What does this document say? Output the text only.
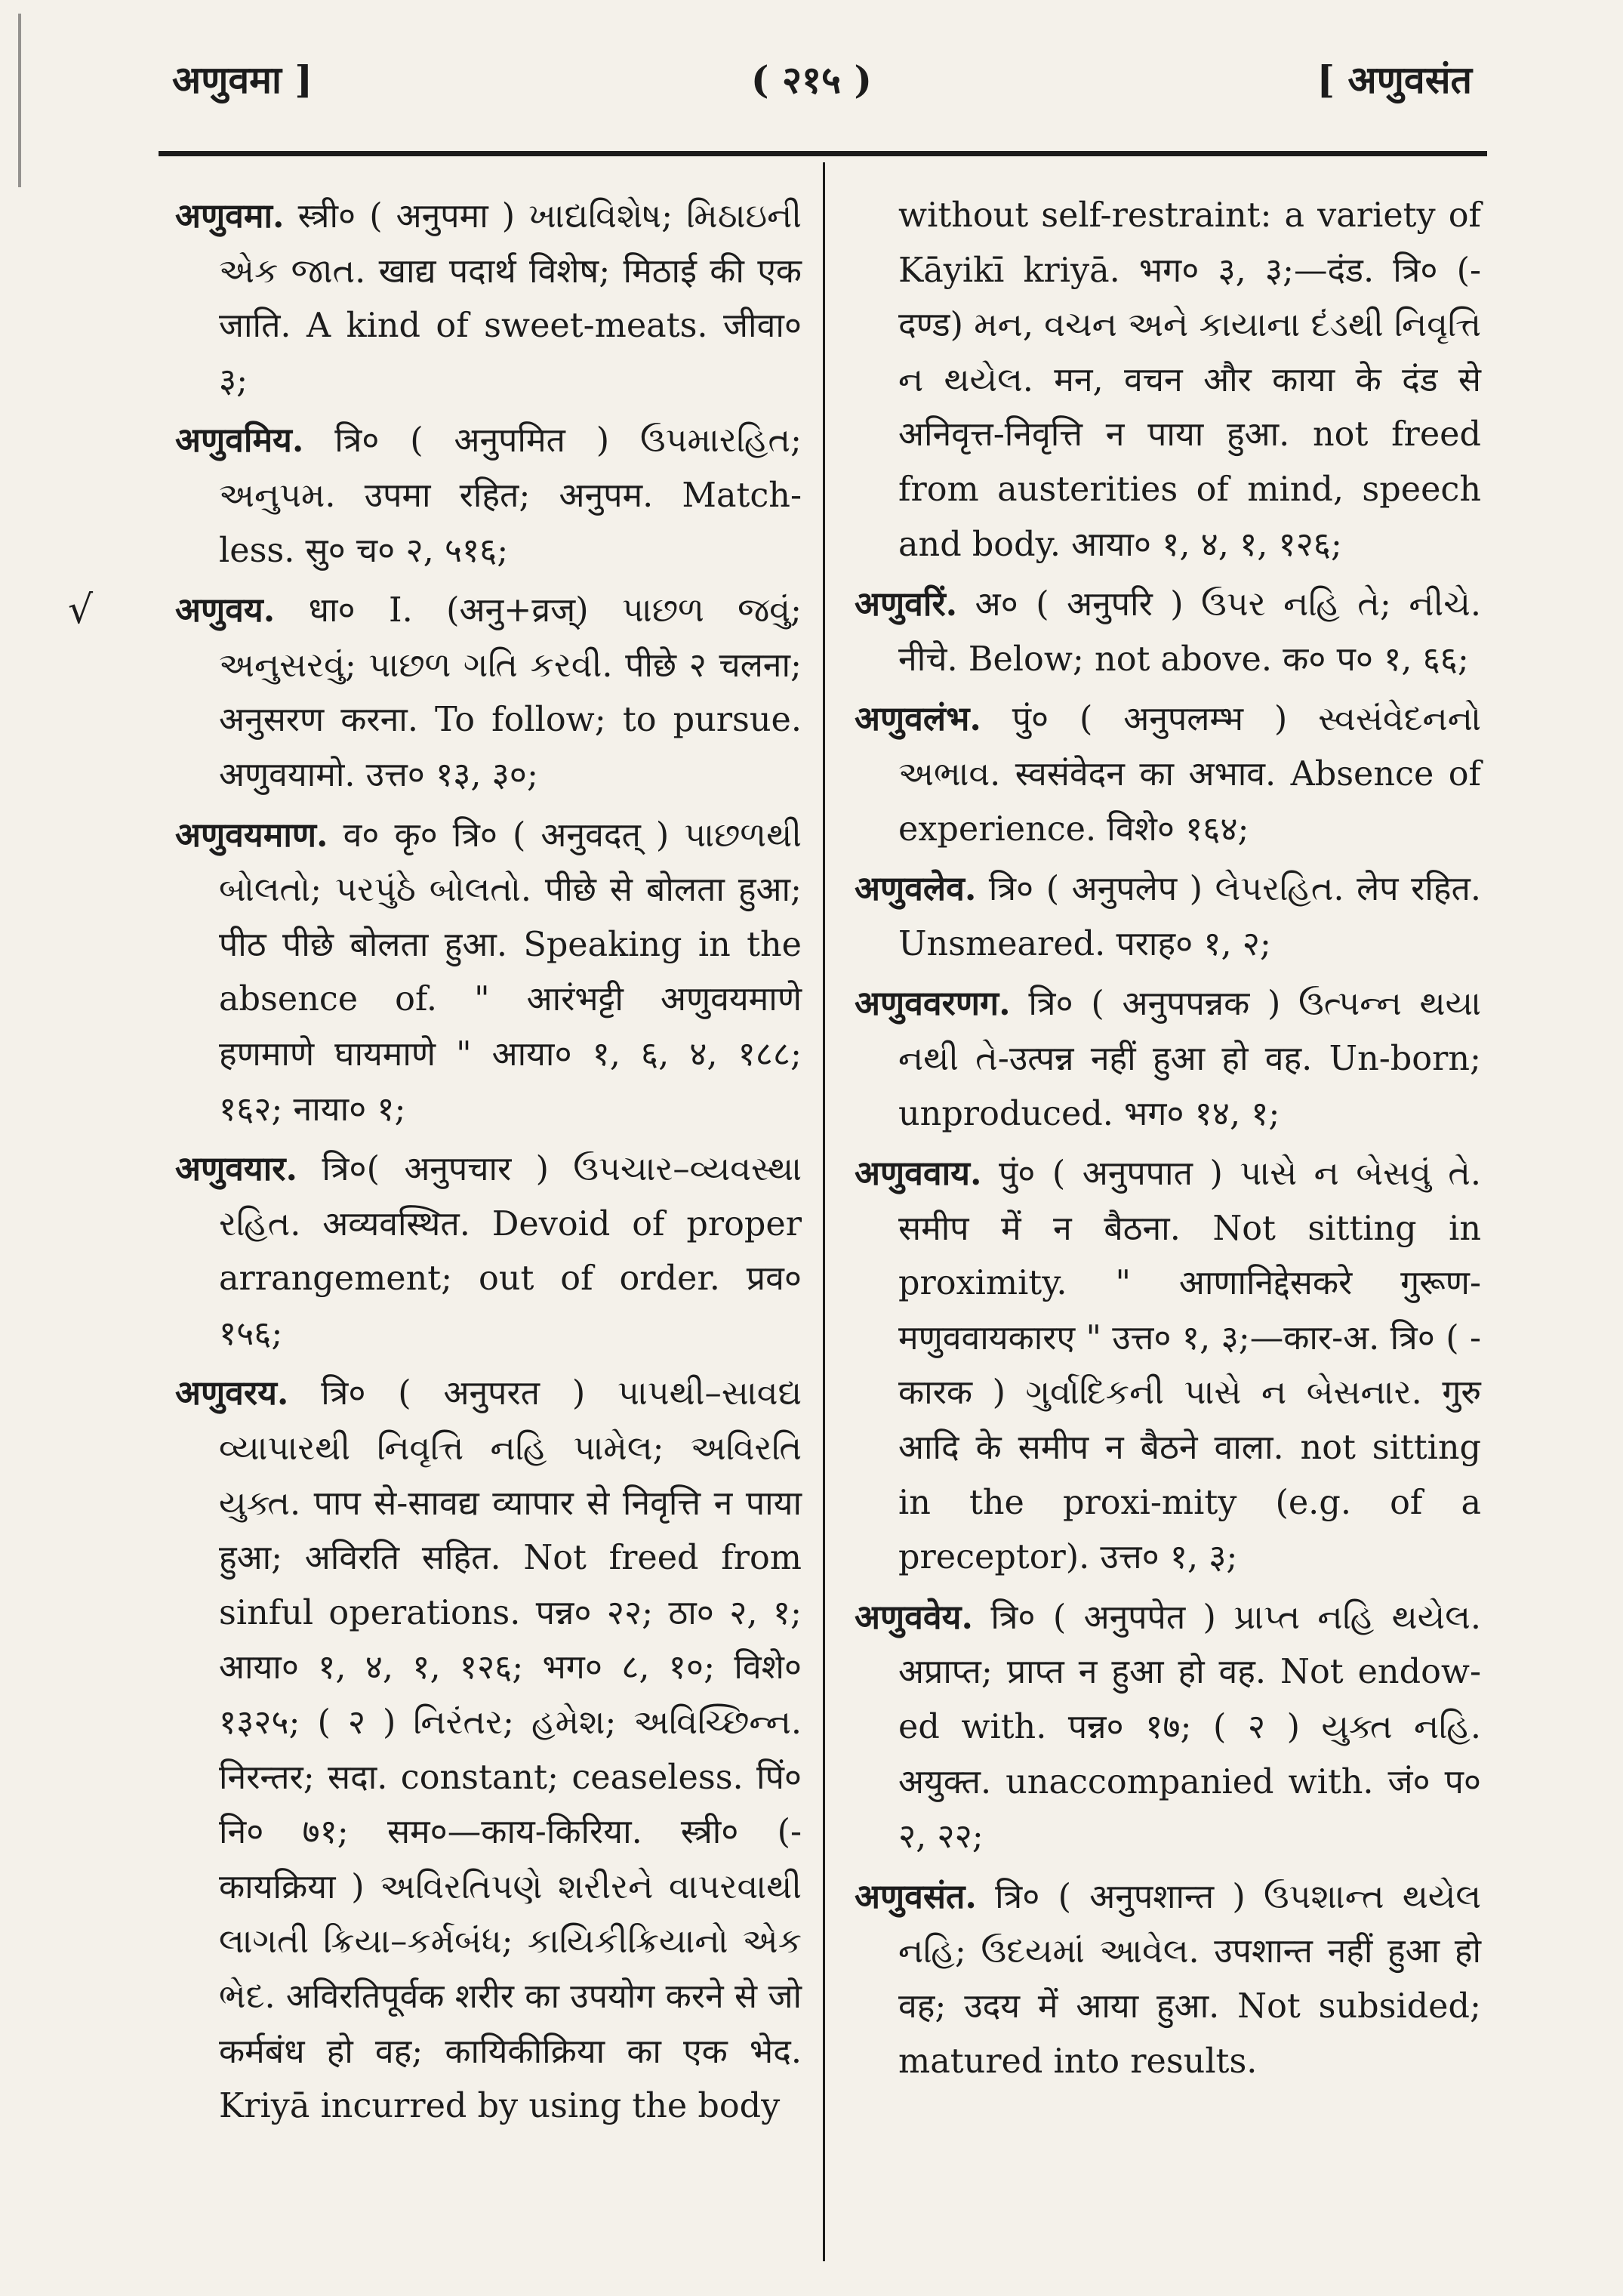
अणुवमा ]	( २१५ )	[ अणुवसंत

अणुवमा. स्त्री० ( अनुपमा ) ખાદ્યવિશેષ; મિઠાઇની એક જાત. खाद्य पदार्थ विशेष; मिठाई की एक जाति. A kind of sweet-meats. जीवा० ३;

अणुवमिय. त्रि० ( अनुपमित ) ઉપમારહિત; અનુપમ. उपमा रहित; अनुपम. Match-less. सु० च० २, ५१६;

√	अणुवय. धा० I. (अनु+व्रज्) પાછળ જવું; અનુસરવું; પાછળ ગતિ કરવી. पीछे २ चलना; अनुसरण करना. To follow; to pursue. अणुवयामो. उत्त० १३, ३०;

अणुवयमाण. व० कृ० त्रि० ( अनुवदत् ) પાછળથી બોલતો; પરપુંઠે બોલતો. पीछे से बोलता हुआ; पीठ पीछे बोलता हुआ. Speaking in the absence of. " आरंभट्टी अणुवयमाणे हणमाणे घायमाणे " आया० १, ६, ४, १८८; १६२; नाया० १;

अणुवयार. त्रि०( अनुपचार ) ઉપચાર–વ્યવસ્થા રહિત. अव्यवस्थित. Devoid of proper arrangement; out of order. प्रव० १५६;

अणुवरय. त्रि० ( अनुपरत ) પાપથી–સાવદ્ય વ્યાપારથી નિવૃત્તિ નહિ પામેલ; અવિરતિ યુક્ત. पाप से-सावद्य व्यापार से निवृत्ति न पाया हुआ; अविरति सहित. Not freed from sinful operations. पन्न० २२; ठा० २, १; आया० १, ४, १, १२६; भग० ८, १०; विशे० १३२५; ( २ ) નિરંતર; હમેશ; અવિચ્છિન્ન. निरन्तर; सदा. constant; ceaseless. पिं० नि० ७१; सम०—काय-किरिया. स्त्री० (-कायक्रिया ) અવિરતિપણે શરીરને વાપરવાથી લાગતી ક્રિયા–કર્મબંધ; કાયિકીક્રિયાનો એક ભેદ. अविरतिपूर्वक शरीर का उपयोग करने से जो कर्मबंध हो वह; कायिकीक्रिया का एक भेद. Kriyā incurred by using the body

without self-restraint: a variety of Kāyikī kriyā. भग० ३, ३;—दंड. त्रि० (-दण्ड) મન, વચન અને કાયાના દંડથી નિવૃત્તિ ન થયેલ. मन, वचन और काया के दंड से अनिवृत्त-निवृत्ति न पाया हुआ. not freed from austerities of mind, speech and body. आया० १, ४, १, १२६;

अणुवरिं. अ० ( अनुपरि ) ઉપર નહિ તે; નીચે. नीचे. Below; not above. क० प० १, ६६;

अणुवलंभ. पुं० ( अनुपलम्भ ) સ્વસંવેદનનો અભાવ. स्वसंवेदन का अभाव. Absence of experience. विशे० १६४;

अणुवलेव. त्रि० ( अनुपलेप ) લેપરહિત. लेप रहित. Unsmeared. पराह० १, २;

अणुववरणग. त्रि० ( अनुपपन्नक ) ઉત્પન્ન થયા નથી તે-उत्पन्न नहीं हुआ हो वह. Un-born; unproduced. भग० १४, १;

अणुववाय. पुं० ( अनुपपात ) પાસે ન બેસવું તે. समीप में न बैठना. Not sitting in proximity. " आणानिद्देसकरे गुरूण-मणुववायकारए " उत्त० १, ३;—कार-अ. त्रि० ( -कारक ) ગુર્વાદિકની પાસે ન બેસનાર. गुरु आदि के समीप न बैठने वाला. not sitting in the proxi-mity (e.g. of a preceptor). उत्त० १, ३;

अणुववेय. त्रि० ( अनुपपेत ) પ્રાપ્ત નહિ થયેલ. अप्राप्त; प्राप्त न हुआ हो वह. Not endow-ed with. पन्न० १७; ( २ ) યુક્ત નહિ. अयुक्त. unaccompanied with. जं० प० २, २२;

अणुवसंत. त्रि० ( अनुपशान्त ) ઉપશાન્ત થયેલ નહિ; ઉદયમાં આવેલ. उपशान्त नहीं हुआ हो वह; उदय में आया हुआ. Not subsided; matured into results.
